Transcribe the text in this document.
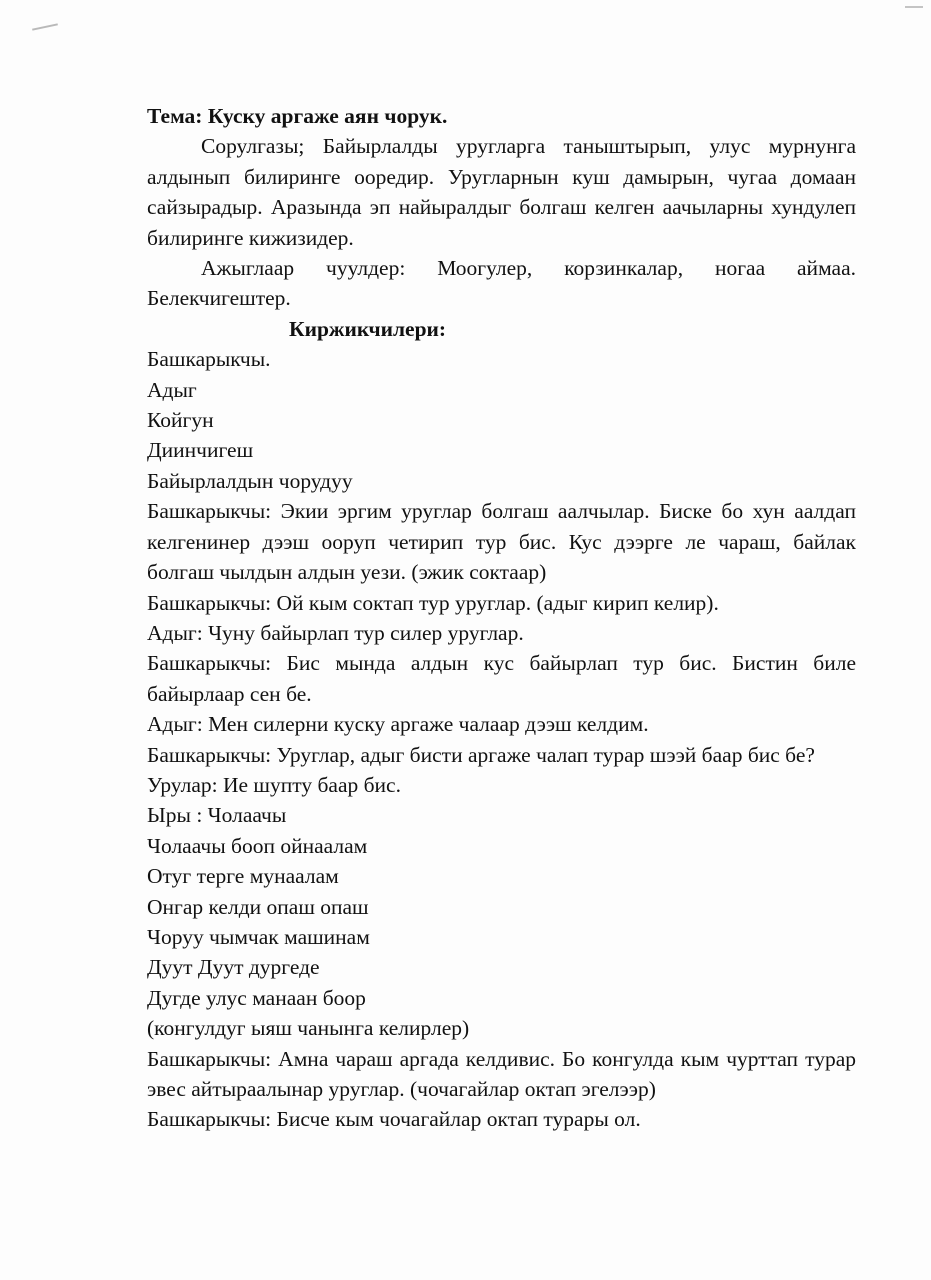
Тема: Куску аргаже аян чорук.

Сорулгазы; Байырлалды уругларга таныштырып, улус мурнунга алдынып билиринге ооредир. Уругларнын куш дамырын, чугаа домаан сайзырадыр. Аразында эп найыралдыг болгаш келген аачыларны хундулеп билиринге кижизидер.

Ажыглаар чуулдер: Моогулер, корзинкалар, ногаа аймаа. Белекчигештер.

Киржикчилери:

Башкарыкчы.

Адыг

Койгун

Диинчигеш

Байырлалдын чорудуу

Башкарыкчы: Экии эргим уруглар болгаш аалчылар. Биске бо хун аалдап келгенинер дээш ооруп четирип тур бис. Кус дээрге ле чараш, байлак болгаш чылдын алдын уези. (эжик соктаар)

Башкарыкчы: Ой кым соктап тур уруглар. (адыг кирип келир).

Адыг: Чуну байырлап тур силер уруглар.

Башкарыкчы: Бис мында алдын кус байырлап тур бис. Бистин биле байырлаар сен бе.

Адыг: Мен силерни куску аргаже чалаар дээш келдим.

Башкарыкчы: Уруглар, адыг бисти аргаже чалап турар шээй баар бис бе?

Урулар: Ие шупту баар бис.

Ыры : Чолаачы

Чолаачы бооп ойнаалам

Отуг терге мунаалам

Онгар келди опаш опаш

Чоруу чымчак машинам

Дуут Дуут дургеде

Дугде улус манаан боор

(конгулдуг ыяш чанынга келирлер)

Башкарыкчы: Амна чараш аргада келдивис. Бо конгулда кым чурттап турар эвес айтыраалынар уруглар. (чочагайлар октап эгелээр)

Башкарыкчы: Бисче кым чочагайлар октап турары ол.
